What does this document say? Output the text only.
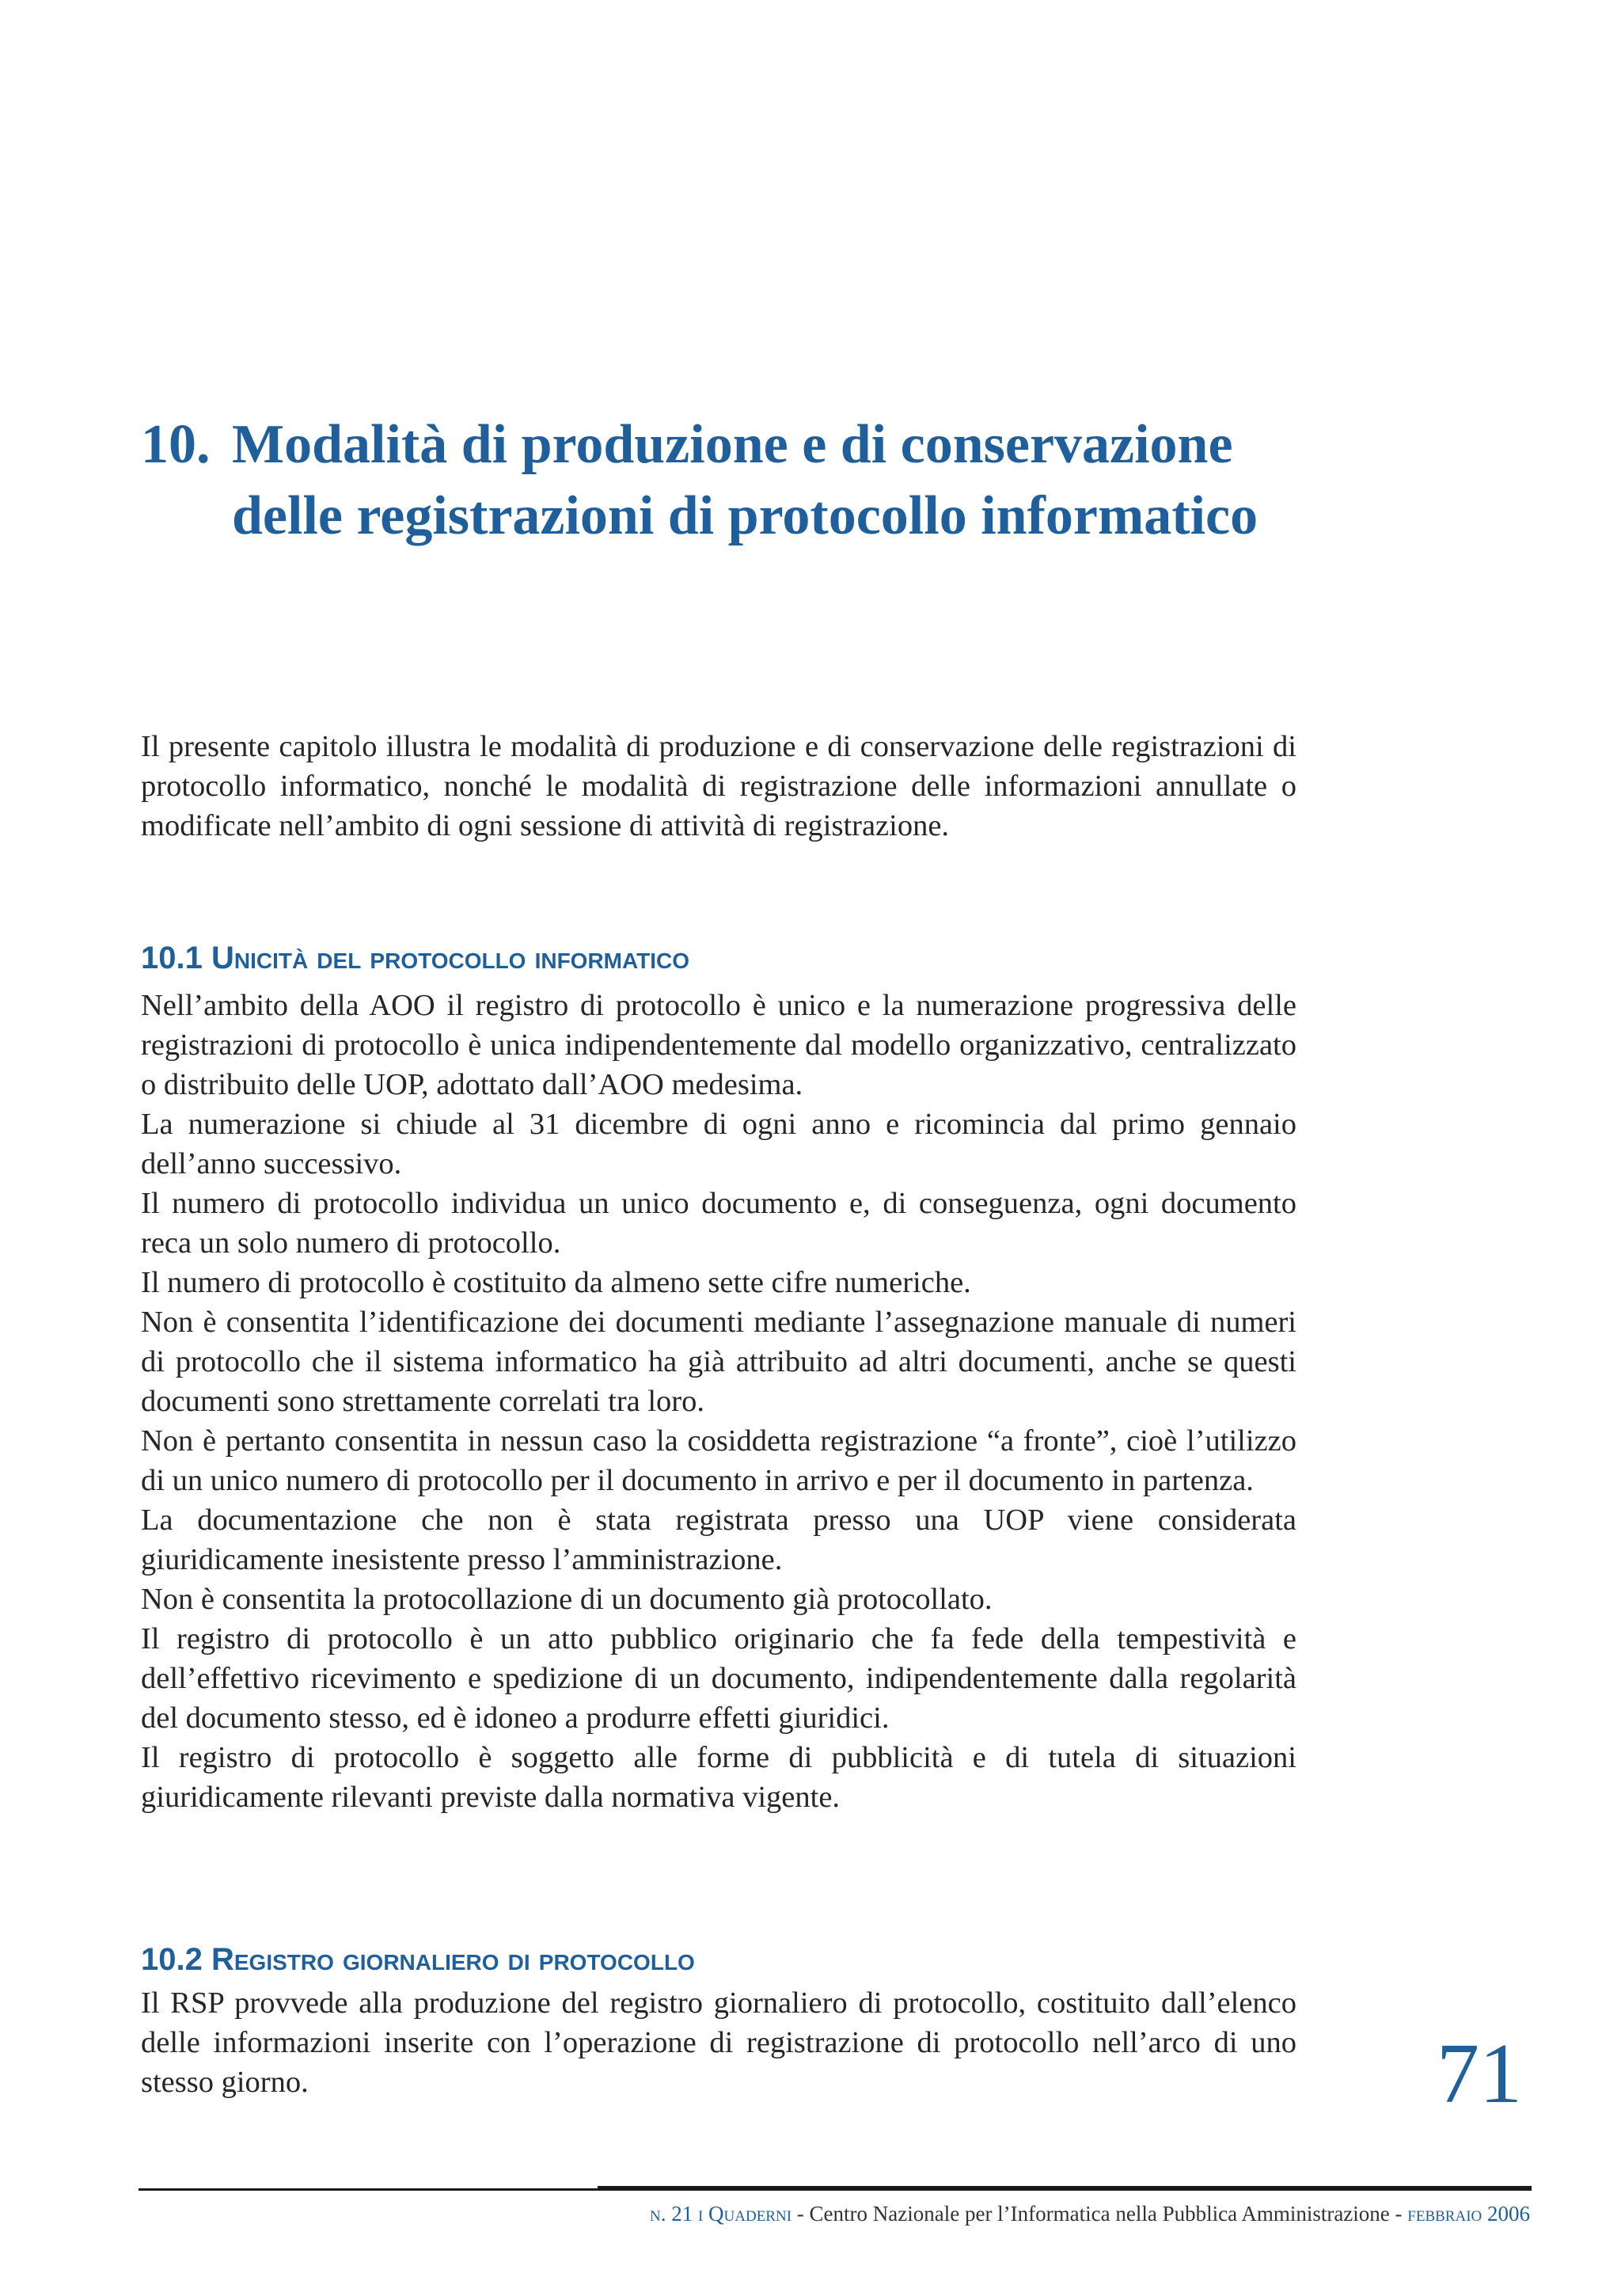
10. Modalità di produzione e di conservazione
delle registrazioni di protocollo informatico

Il presente capitolo illustra le modalità di produzione e di conservazione delle registrazioni di protocollo informatico, nonché le modalità di registrazione delle informazioni annullate o modificate nell’ambito di ogni sessione di attività di registrazione.

10.1 Unicità del protocollo informatico

Nell’ambito della AOO il registro di protocollo è unico e la numerazione progressiva delle registrazioni di protocollo è unica indipendentemente dal modello organizzativo, centralizzato o distribuito delle UOP, adottato dall’AOO medesima.

La numerazione si chiude al 31 dicembre di ogni anno e ricomincia dal primo gennaio dell’anno successivo.

Il numero di protocollo individua un unico documento e, di conseguenza, ogni documento reca un solo numero di protocollo.

Il numero di protocollo è costituito da almeno sette cifre numeriche.

Non è consentita l’identificazione dei documenti mediante l’assegnazione manuale di numeri di protocollo che il sistema informatico ha già attribuito ad altri documenti, anche se questi documenti sono strettamente correlati tra loro.

Non è pertanto consentita in nessun caso la cosiddetta registrazione “a fronte”, cioè l’utilizzo di un unico numero di protocollo per il documento in arrivo e per il documento in partenza.

La documentazione che non è stata registrata presso una UOP viene considerata giuridicamente inesistente presso l’amministrazione.

Non è consentita la protocollazione di un documento già protocollato.

Il registro di protocollo è un atto pubblico originario che fa fede della tempestività e dell’effettivo ricevimento e spedizione di un documento, indipendentemente dalla regolarità del documento stesso, ed è idoneo a produrre effetti giuridici.

Il registro di protocollo è soggetto alle forme di pubblicità e di tutela di situazioni giuridicamente rilevanti previste dalla normativa vigente.

10.2 Registro giornaliero di protocollo

Il RSP provvede alla produzione del registro giornaliero di protocollo, costituito dall’elenco delle informazioni inserite con l’operazione di registrazione di protocollo nell’arco di uno stesso giorno.	71
n. 21 i Quaderni - Centro Nazionale per l’Informatica nella Pubblica Amministrazione - febbraio 2006
